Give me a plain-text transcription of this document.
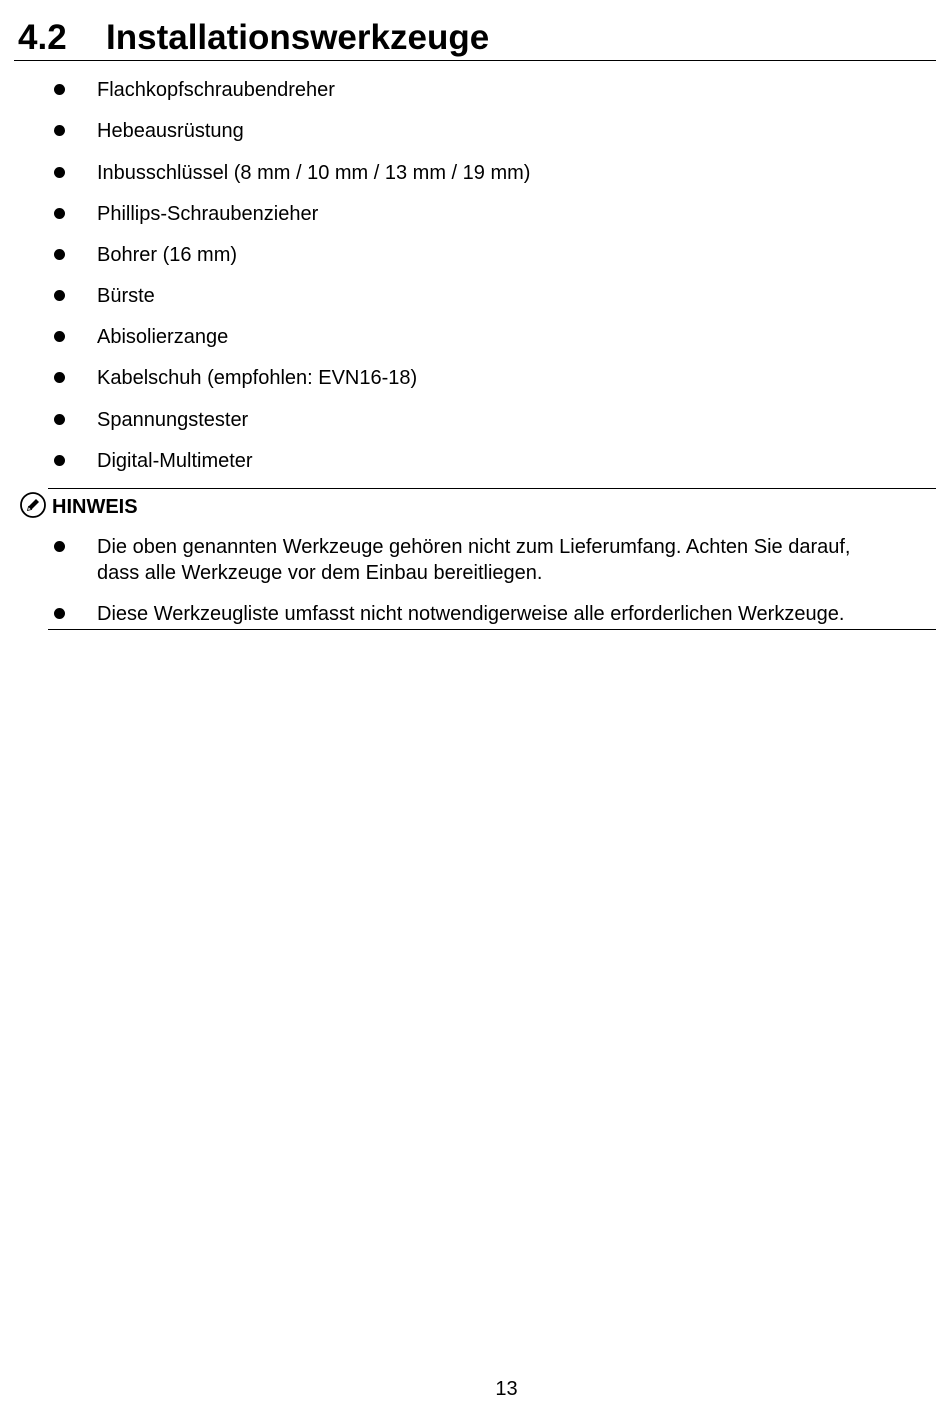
4.2 Installationswerkzeuge
Flachkopfschraubendreher
Hebeausrüstung
Inbusschlüssel (8 mm / 10 mm / 13 mm / 19 mm)
Phillips-Schraubenzieher
Bohrer (16 mm)
Bürste
Abisolierzange
Kabelschuh (empfohlen: EVN16-18)
Spannungstester
Digital-Multimeter
HINWEIS
Die oben genannten Werkzeuge gehören nicht zum Lieferumfang. Achten Sie darauf,
dass alle Werkzeuge vor dem Einbau bereitliegen.
Diese Werkzeugliste umfasst nicht notwendigerweise alle erforderlichen Werkzeuge.
13
